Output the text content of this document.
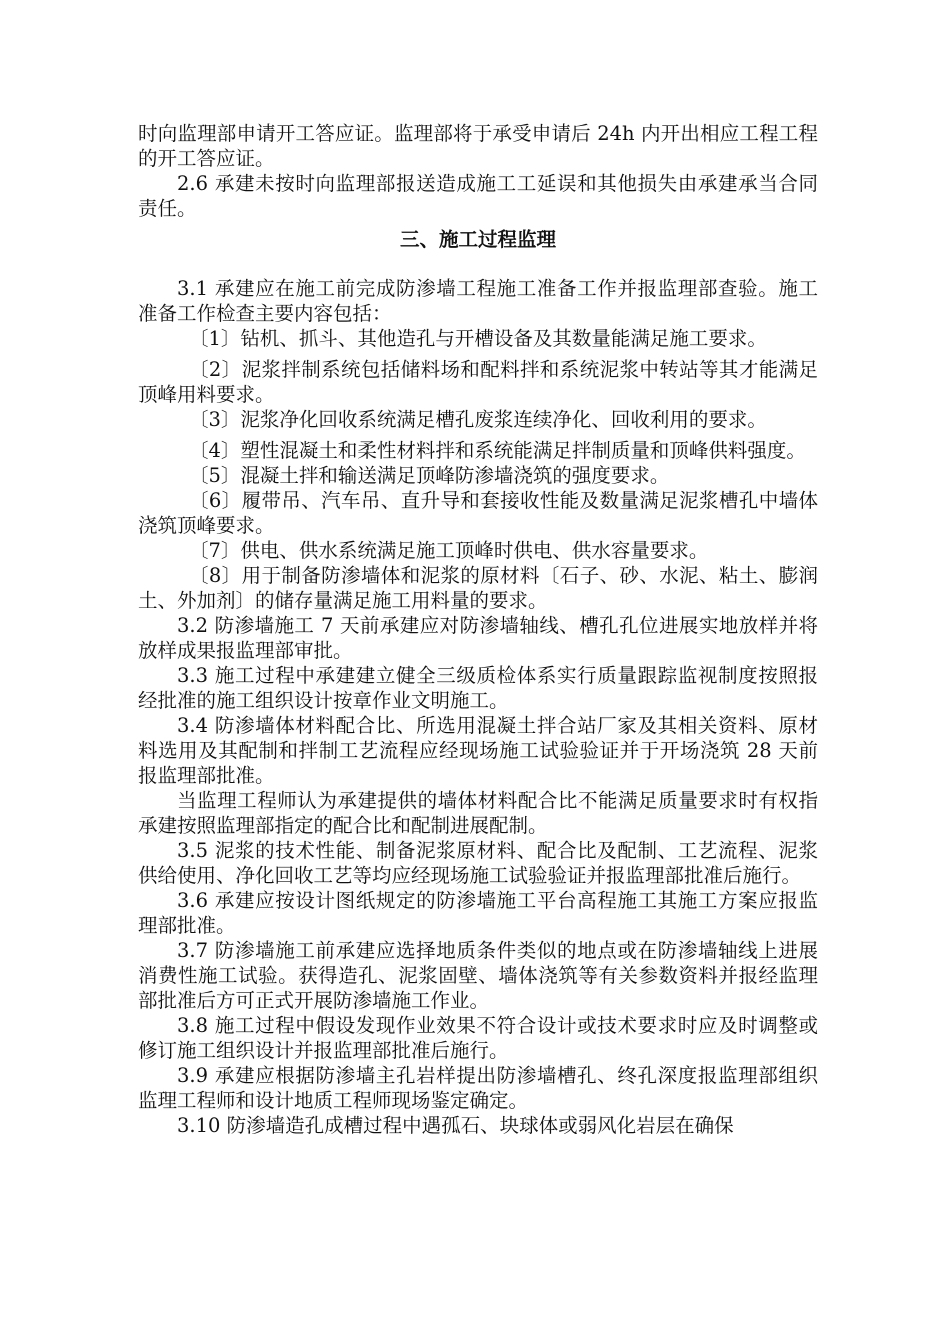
时向监理部申请开工答应证。监理部将于承受申请后 24h 内开出相应工程工程的开工答应证。

2.6 承建未按时向监理部报送造成施工工延误和其他损失由承建承当合同责任。

三、施工过程监理

3.1 承建应在施工前完成防渗墙工程施工准备工作并报监理部查验。施工准备工作检查主要内容包括：

〔1〕钻机、抓斗、其他造孔与开槽设备及其数量能满足施工要求。

〔2〕泥浆拌制系统包括储料场和配料拌和系统泥浆中转站等其才能满足顶峰用料要求。

〔3〕泥浆净化回收系统满足槽孔废浆连续净化、回收利用的要求。

〔4〕塑性混凝土和柔性材料拌和系统能满足拌制质量和顶峰供料强度。

〔5〕混凝土拌和输送满足顶峰防渗墙浇筑的强度要求。

〔6〕履带吊、汽车吊、直升导和套接收性能及数量满足泥浆槽孔中墙体浇筑顶峰要求。

〔7〕供电、供水系统满足施工顶峰时供电、供水容量要求。

〔8〕用于制备防渗墙体和泥浆的原材料〔石子、砂、水泥、粘土、膨润土、外加剂〕的储存量满足施工用料量的要求。

3.2 防渗墙施工 7 天前承建应对防渗墙轴线、槽孔孔位进展实地放样并将放样成果报监理部审批。

3.3 施工过程中承建建立健全三级质检体系实行质量跟踪监视制度按照报经批准的施工组织设计按章作业文明施工。

3.4 防渗墙体材料配合比、所选用混凝土拌合站厂家及其相关资料、原材料选用及其配制和拌制工艺流程应经现场施工试验验证并于开场浇筑 28 天前报监理部批准。

当监理工程师认为承建提供的墙体材料配合比不能满足质量要求时有权指承建按照监理部指定的配合比和配制进展配制。

3.5 泥浆的技术性能、制备泥浆原材料、配合比及配制、工艺流程、泥浆供给使用、净化回收工艺等均应经现场施工试验验证并报监理部批准后施行。

3.6 承建应按设计图纸规定的防渗墙施工平台高程施工其施工方案应报监理部批准。

3.7 防渗墙施工前承建应选择地质条件类似的地点或在防渗墙轴线上进展消费性施工试验。获得造孔、泥浆固壁、墙体浇筑等有关参数资料并报经监理部批准后方可正式开展防渗墙施工作业。

3.8 施工过程中假设发现作业效果不符合设计或技术要求时应及时调整或修订施工组织设计并报监理部批准后施行。

3.9 承建应根据防渗墙主孔岩样提出防渗墙槽孔、终孔深度报监理部组织监理工程师和设计地质工程师现场鉴定确定。

3.10 防渗墙造孔成槽过程中遇孤石、块球体或弱风化岩层在确保
